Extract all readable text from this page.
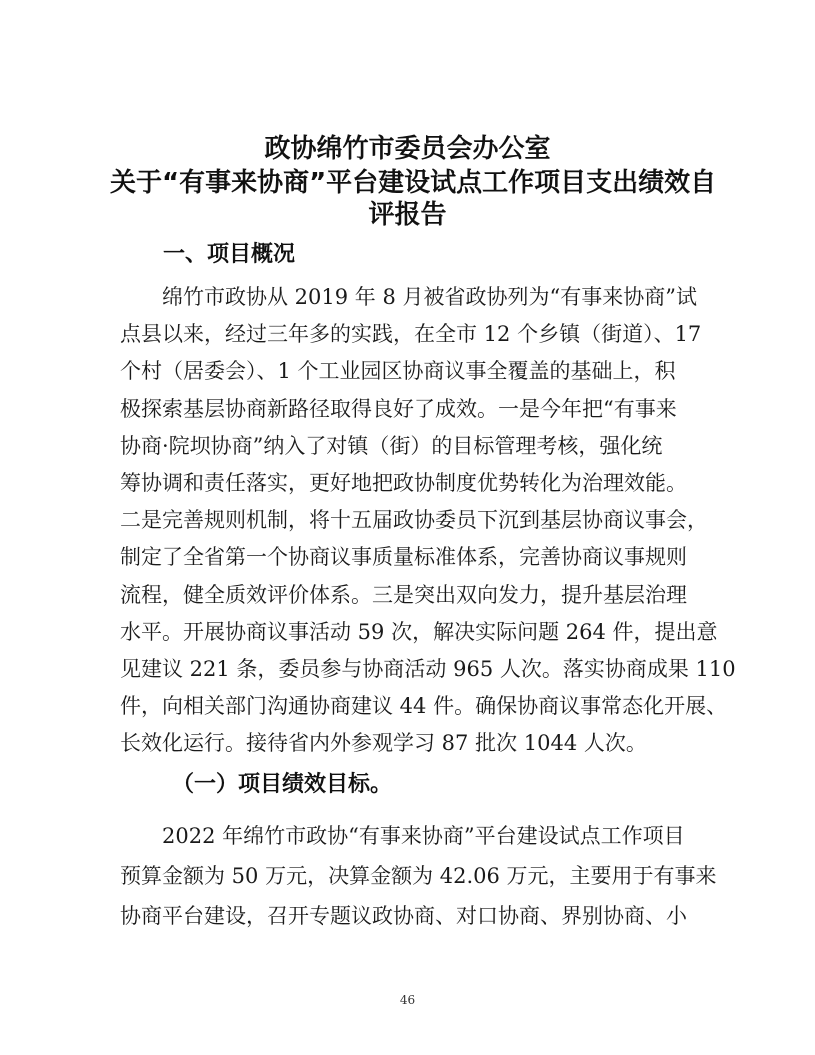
政协绵竹市委员会办公室
关于“有事来协商”平台建设试点工作项目支出绩效自
评报告
一、项目概况
绵竹市政协从 2019 年 8 月被省政协列为“有事来协商”试
点县以来，经过三年多的实践，在全市 12 个乡镇（街道）、17
个村（居委会）、1 个工业园区协商议事全覆盖的基础上，积
极探索基层协商新路径取得良好了成效。一是今年把“有事来
协商·院坝协商”纳入了对镇（街）的目标管理考核，强化统
筹协调和责任落实，更好地把政协制度优势转化为治理效能。
二是完善规则机制，将十五届政协委员下沉到基层协商议事会，
制定了全省第一个协商议事质量标准体系，完善协商议事规则
流程，健全质效评价体系。三是突出双向发力，提升基层治理
水平。开展协商议事活动 59 次，解决实际问题 264 件，提出意
见建议 221 条，委员参与协商活动 965 人次。落实协商成果 110
件，向相关部门沟通协商建议 44 件。确保协商议事常态化开展、
长效化运行。接待省内外参观学习 87 批次 1044 人次。
（一）项目绩效目标。
2022 年绵竹市政协“有事来协商”平台建设试点工作项目
预算金额为 50 万元，决算金额为 42.06 万元，主要用于有事来
协商平台建设，召开专题议政协商、对口协商、界别协商、小
46
